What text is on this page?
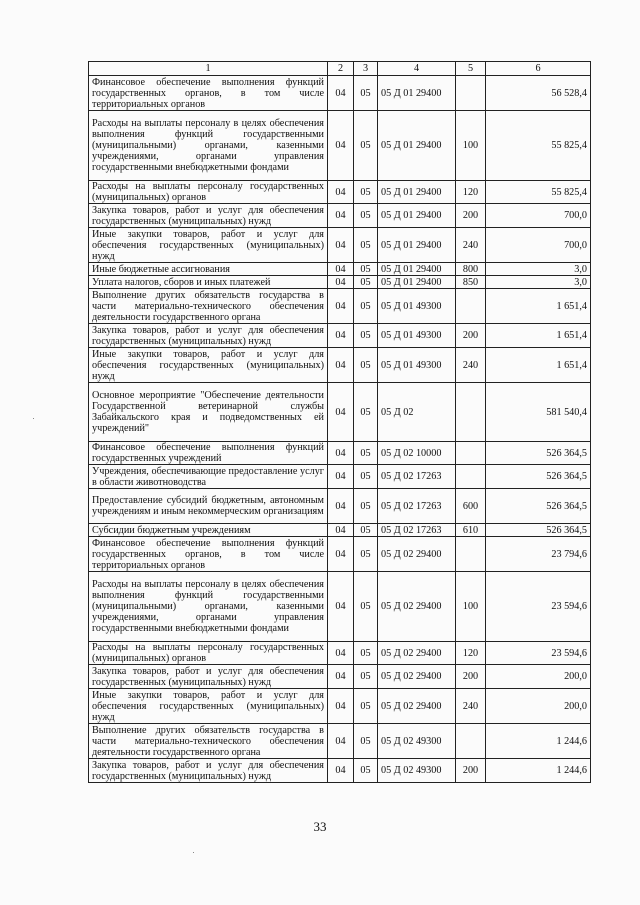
1	2	3	4	5	6
Финансовое обеспечение выполнения функций государственных органов, в том числе территориальных органов	04	05	05 Д 01 29400		56 528,4
Расходы на выплаты персоналу в целях обеспечения выполнения функций государственными (муниципальными) органами, казенными учреждениями, органами управления государственными внебюджетными фондами	04	05	05 Д 01 29400	100	55 825,4
Расходы на выплаты персоналу государственных (муниципальных) органов	04	05	05 Д 01 29400	120	55 825,4
Закупка товаров, работ и услуг для обеспечения государственных (муниципальных) нужд	04	05	05 Д 01 29400	200	700,0
Иные закупки товаров, работ и услуг для обеспечения государственных (муниципальных) нужд	04	05	05 Д 01 29400	240	700,0
Иные бюджетные ассигнования	04	05	05 Д 01 29400	800	3,0
Уплата налогов, сборов и иных платежей	04	05	05 Д 01 29400	850	3,0
Выполнение других обязательств государства в части материально-технического обеспечения деятельности государственного органа	04	05	05 Д 01 49300		1 651,4
Закупка товаров, работ и услуг для обеспечения государственных (муниципальных) нужд	04	05	05 Д 01 49300	200	1 651,4
Иные закупки товаров, работ и услуг для обеспечения государственных (муниципальных) нужд	04	05	05 Д 01 49300	240	1 651,4
Основное мероприятие "Обеспечение деятельности Государственной ветеринарной службы Забайкальского края и подведомственных ей учреждений"	04	05	05 Д 02		581 540,4
Финансовое обеспечение выполнения функций государственных учреждений	04	05	05 Д 02 10000		526 364,5
Учреждения, обеспечивающие предоставление услуг в области животноводства	04	05	05 Д 02 17263		526 364,5
Предоставление субсидий бюджетным, автономным учреждениям и иным некоммерческим организациям	04	05	05 Д 02 17263	600	526 364,5
Субсидии бюджетным учреждениям	04	05	05 Д 02 17263	610	526 364,5
Финансовое обеспечение выполнения функций государственных органов, в том числе территориальных органов	04	05	05 Д 02 29400		23 794,6
Расходы на выплаты персоналу в целях обеспечения выполнения функций государственными (муниципальными) органами, казенными учреждениями, органами управления государственными внебюджетными фондами	04	05	05 Д 02 29400	100	23 594,6
Расходы на выплаты персоналу государственных (муниципальных) органов	04	05	05 Д 02 29400	120	23 594,6
Закупка товаров, работ и услуг для обеспечения государственных (муниципальных) нужд	04	05	05 Д 02 29400	200	200,0
Иные закупки товаров, работ и услуг для обеспечения государственных (муниципальных) нужд	04	05	05 Д 02 29400	240	200,0
Выполнение других обязательств государства в части материально-технического обеспечения деятельности государственного органа	04	05	05 Д 02 49300		1 244,6
Закупка товаров, работ и услуг для обеспечения государственных (муниципальных) нужд	04	05	05 Д 02 49300	200	1 244,6
33
